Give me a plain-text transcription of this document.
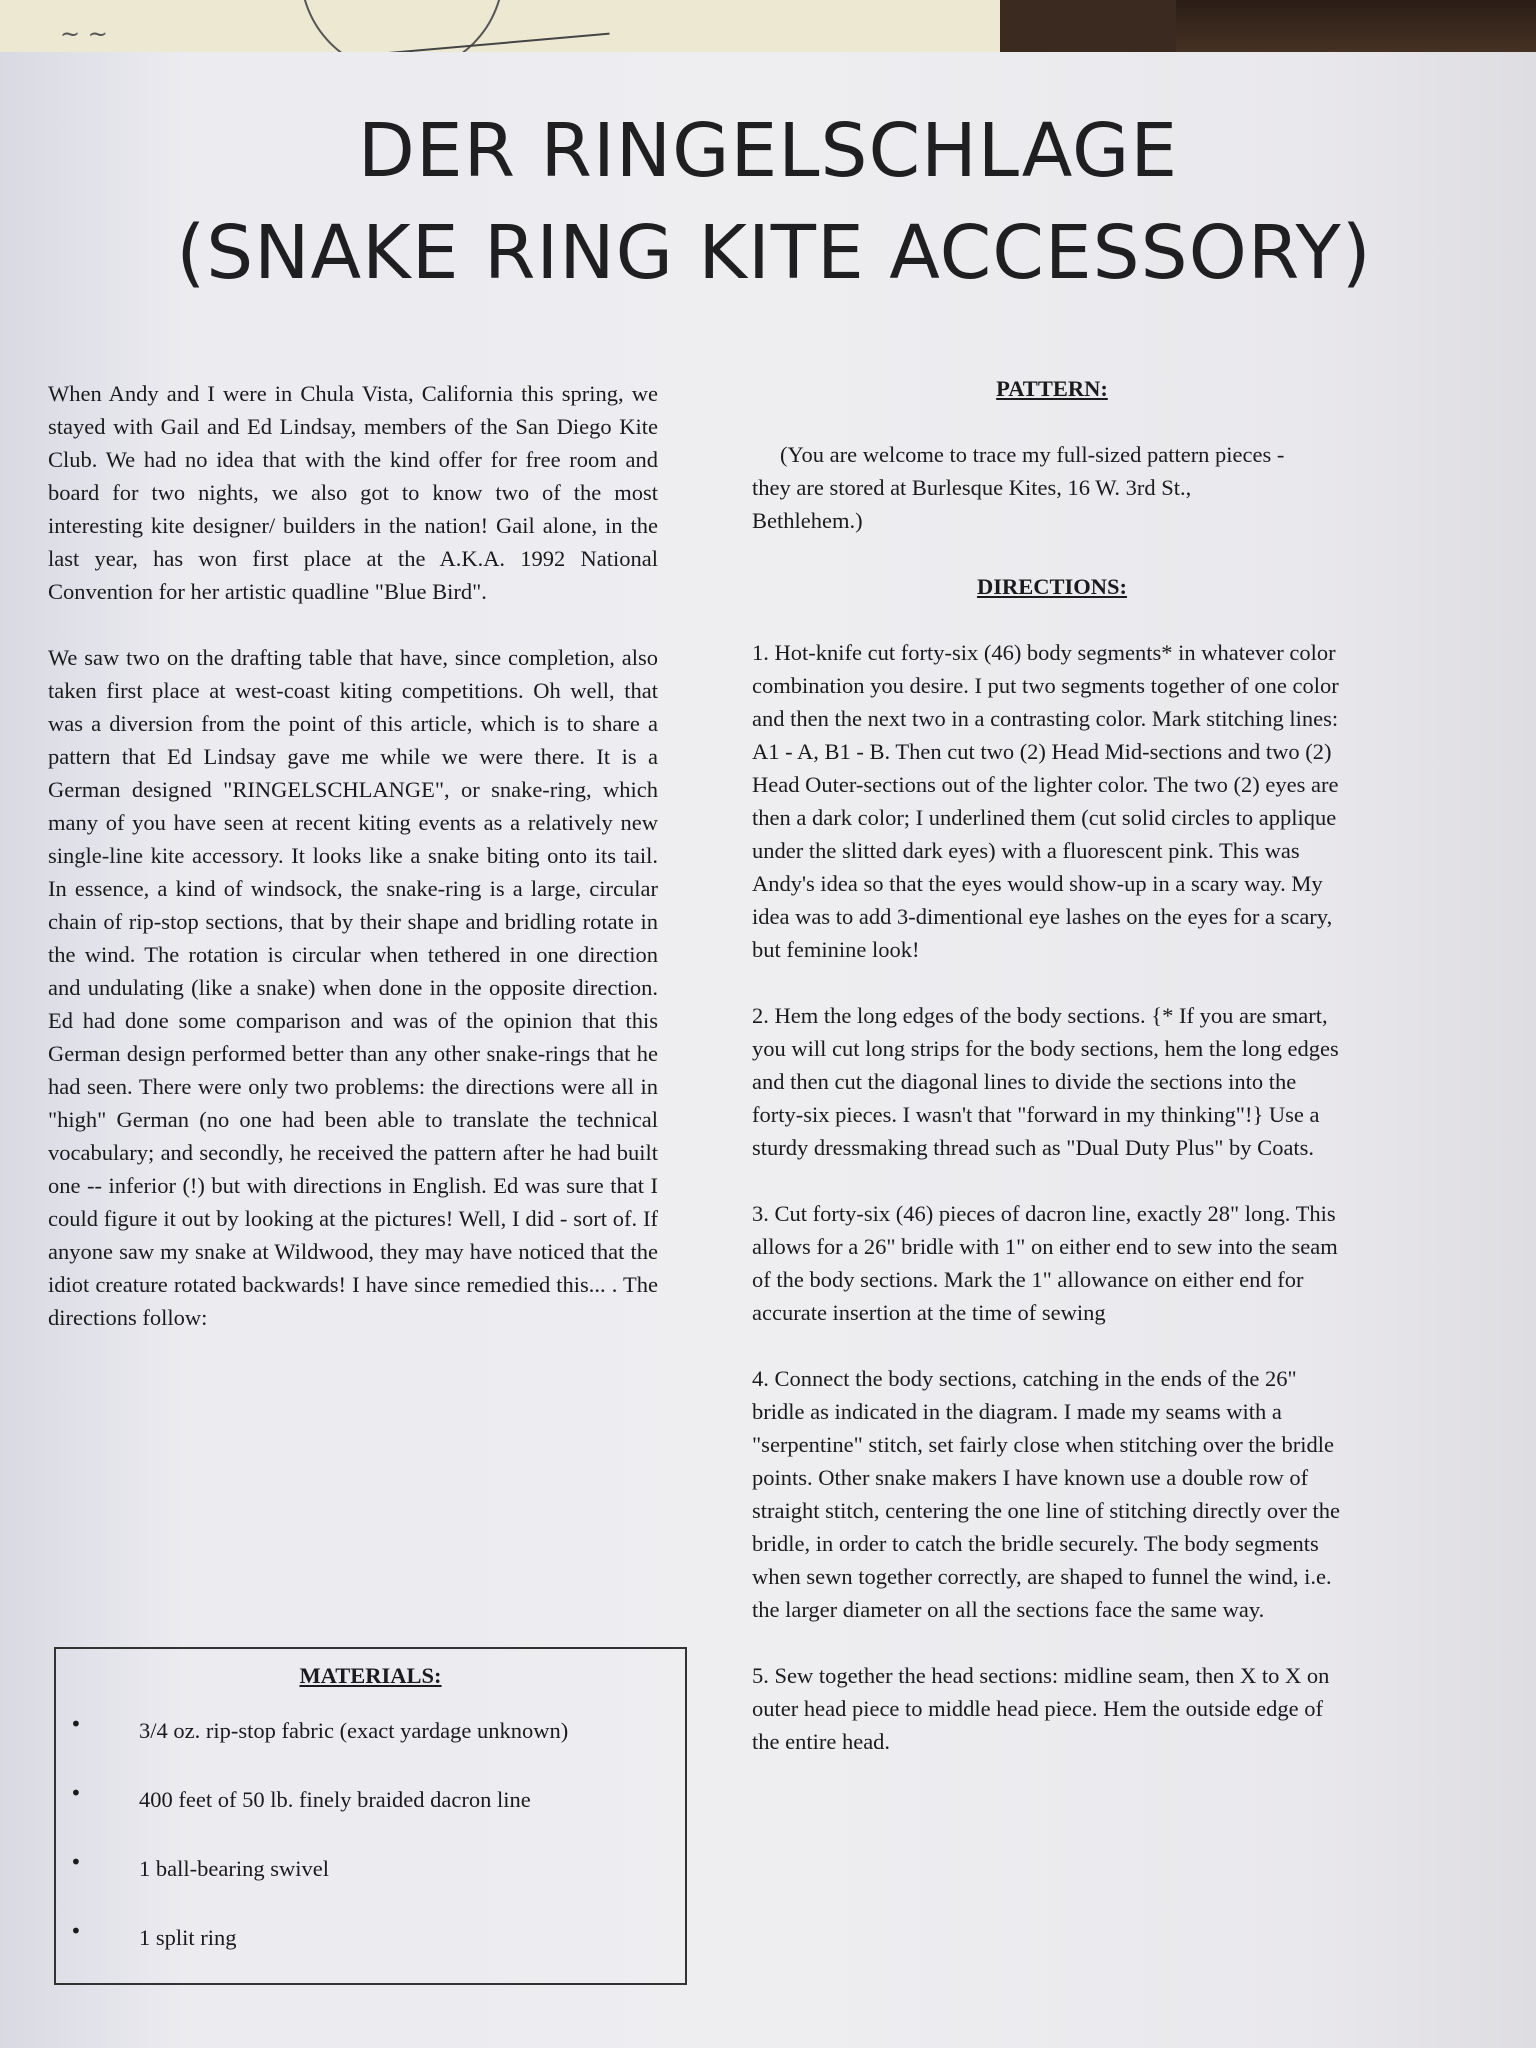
~ ~
DER RINGELSCHLAGE
(SNAKE RING KITE ACCESSORY)

When Andy and I were in Chula Vista, California this spring, we stayed with Gail and Ed Lindsay, members of the San Diego Kite Club. We had no idea that with the kind offer for free room and board for two nights, we also got to know two of the most interesting kite designer/ builders in the nation! Gail alone, in the last year, has won first place at the A.K.A. 1992 National Convention for her artistic quadline "Blue Bird".

We saw two on the drafting table that have, since completion, also taken first place at west-coast kiting competitions. Oh well, that was a diversion from the point of this article, which is to share a pattern that Ed Lindsay gave me while we were there. It is a German designed "RINGELSCHLANGE", or snake-ring, which many of you have seen at recent kiting events as a relatively new single-line kite accessory. It looks like a snake biting onto its tail. In essence, a kind of windsock, the snake-ring is a large, circular chain of rip-stop sections, that by their shape and bridling rotate in the wind. The rotation is circular when tethered in one direction and undulating (like a snake) when done in the opposite direction. Ed had done some comparison and was of the opinion that this German design performed better than any other snake-rings that he had seen. There were only two problems: the directions were all in "high" German (no one had been able to translate the technical vocabulary; and secondly, he received the pattern after he had built one -- inferior (!) but with directions in English. Ed was sure that I could figure it out by looking at the pictures! Well, I did - sort of. If anyone saw my snake at Wildwood, they may have noticed that the idiot creature rotated backwards! I have since remedied this... . The directions follow:

MATERIALS:
•	3/4 oz. rip-stop fabric (exact yardage unknown)
•	400 feet of 50 lb. finely braided dacron line
•	1 ball-bearing swivel
•	1 split ring
PATTERN:

(You are welcome to trace my full-sized pattern pieces - they are stored at Burlesque Kites, 16 W. 3rd St., Bethlehem.)

DIRECTIONS:

1. Hot-knife cut forty-six (46) body segments* in whatever color combination you desire. I put two segments together of one color and then the next two in a contrasting color. Mark stitching lines: A1 - A, B1 - B. Then cut two (2) Head Mid-sections and two (2) Head Outer-sections out of the lighter color. The two (2) eyes are then a dark color; I underlined them (cut solid circles to applique under the slitted dark eyes) with a fluorescent pink. This was Andy's idea so that the eyes would show-up in a scary way. My idea was to add 3-dimentional eye lashes on the eyes for a scary, but feminine look!

2. Hem the long edges of the body sections. {* If you are smart, you will cut long strips for the body sections, hem the long edges and then cut the diagonal lines to divide the sections into the forty-six pieces. I wasn't that "forward in my thinking"!} Use a sturdy dressmaking thread such as "Dual Duty Plus" by Coats.

3. Cut forty-six (46) pieces of dacron line, exactly 28" long. This allows for a 26" bridle with 1" on either end to sew into the seam of the body sections. Mark the 1" allowance on either end for accurate insertion at the time of sewing

4. Connect the body sections, catching in the ends of the 26" bridle as indicated in the diagram. I made my seams with a "serpentine" stitch, set fairly close when stitching over the bridle points. Other snake makers I have known use a double row of straight stitch, centering the one line of stitching directly over the bridle, in order to catch the bridle securely. The body segments when sewn together correctly, are shaped to funnel the wind, i.e. the larger diameter on all the sections face the same way.

5. Sew together the head sections: midline seam, then X to X on outer head piece to middle head piece. Hem the outside edge of the entire head.
